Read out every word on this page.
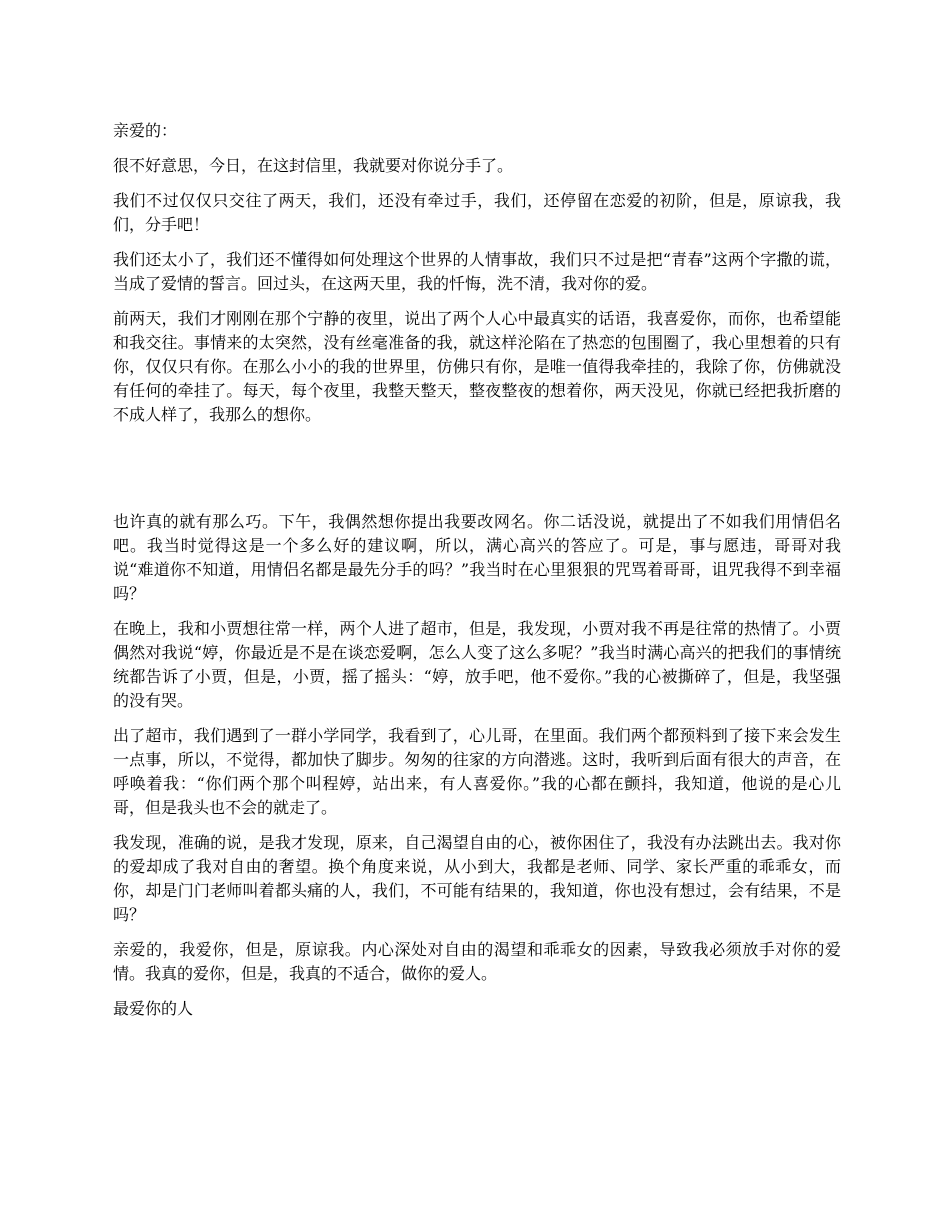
亲爱的：

很不好意思，今日，在这封信里，我就要对你说分手了。

我们不过仅仅只交往了两天，我们，还没有牵过手，我们，还停留在恋爱的初阶，但是，原谅我，我们，分手吧！

我们还太小了，我们还不懂得如何处理这个世界的人情事故，我们只不过是把“青春”这两个字撒的谎，当成了爱情的誓言。回过头，在这两天里，我的忏悔，洗不清，我对你的爱。

前两天，我们才刚刚在那个宁静的夜里，说出了两个人心中最真实的话语，我喜爱你，而你，也希望能和我交往。事情来的太突然，没有丝毫准备的我，就这样沦陷在了热恋的包围圈了，我心里想着的只有你，仅仅只有你。在那么小小的我的世界里，仿佛只有你，是唯一值得我牵挂的，我除了你，仿佛就没有任何的牵挂了。每天，每个夜里，我整天整天，整夜整夜的想着你，两天没见，你就已经把我折磨的不成人样了，我那么的想你。

也许真的就有那么巧。下午，我偶然想你提出我要改网名。你二话没说，就提出了不如我们用情侣名吧。我当时觉得这是一个多么好的建议啊，所以，满心高兴的答应了。可是，事与愿违，哥哥对我说“难道你不知道，用情侣名都是最先分手的吗？”我当时在心里狠狠的咒骂着哥哥，诅咒我得不到幸福吗？

在晚上，我和小贾想往常一样，两个人进了超市，但是，我发现，小贾对我不再是往常的热情了。小贾偶然对我说“婷，你最近是不是在谈恋爱啊，怎么人变了这么多呢？”我当时满心高兴的把我们的事情统统都告诉了小贾，但是，小贾，摇了摇头：“婷，放手吧，他不爱你。”我的心被撕碎了，但是，我坚强的没有哭。

出了超市，我们遇到了一群小学同学，我看到了，心儿哥，在里面。我们两个都预料到了接下来会发生一点事，所以，不觉得，都加快了脚步。匆匆的往家的方向潜逃。这时，我听到后面有很大的声音，在呼唤着我：“你们两个那个叫程婷，站出来，有人喜爱你。”我的心都在颤抖，我知道，他说的是心儿哥，但是我头也不会的就走了。

我发现，准确的说，是我才发现，原来，自己渴望自由的心，被你困住了，我没有办法跳出去。我对你的爱却成了我对自由的奢望。换个角度来说，从小到大，我都是老师、同学、家长严重的乖乖女，而你，却是门门老师叫着都头痛的人，我们，不可能有结果的，我知道，你也没有想过，会有结果，不是吗？

亲爱的，我爱你，但是，原谅我。内心深处对自由的渴望和乖乖女的因素，导致我必须放手对你的爱情。我真的爱你，但是，我真的不适合，做你的爱人。

最爱你的人
